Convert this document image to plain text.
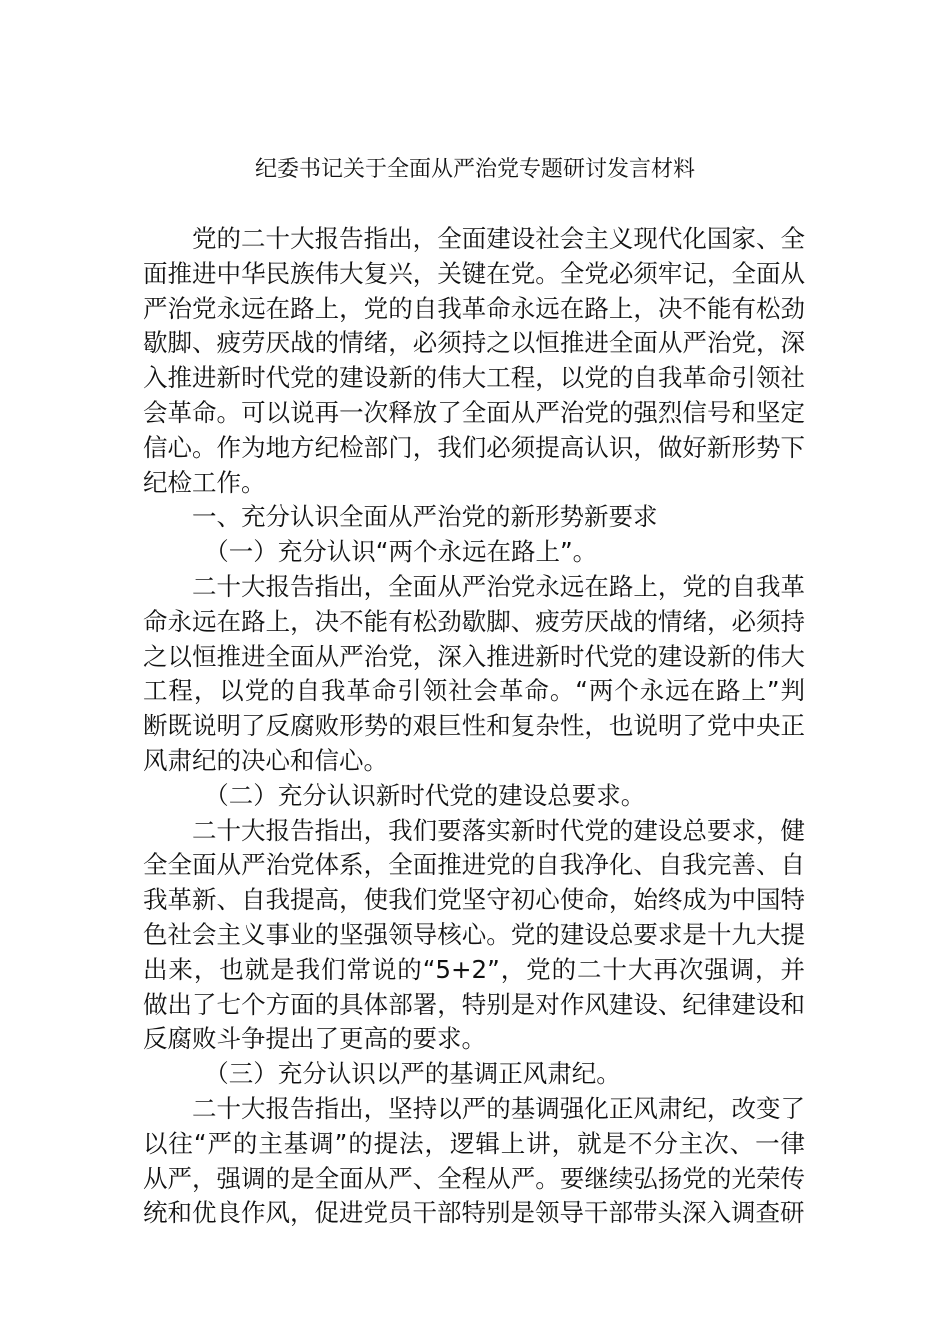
纪委书记关于全面从严治党专题研讨发言材料

党的二十大报告指出，全面建设社会主义现代化国家、全面推进中华民族伟大复兴，关键在党。全党必须牢记，全面从严治党永远在路上，党的自我革命永远在路上，决不能有松劲歇脚、疲劳厌战的情绪，必须持之以恒推进全面从严治党，深入推进新时代党的建设新的伟大工程，以党的自我革命引领社会革命。可以说再一次释放了全面从严治党的强烈信号和坚定信心。作为地方纪检部门，我们必须提高认识，做好新形势下纪检工作。

一、充分认识全面从严治党的新形势新要求

（一）充分认识“两个永远在路上”。

二十大报告指出，全面从严治党永远在路上，党的自我革命永远在路上，决不能有松劲歇脚、疲劳厌战的情绪，必须持之以恒推进全面从严治党，深入推进新时代党的建设新的伟大工程，以党的自我革命引领社会革命。“两个永远在路上”判断既说明了反腐败形势的艰巨性和复杂性，也说明了党中央正风肃纪的决心和信心。

（二）充分认识新时代党的建设总要求。

二十大报告指出，我们要落实新时代党的建设总要求，健全全面从严治党体系，全面推进党的自我净化、自我完善、自我革新、自我提高，使我们党坚守初心使命，始终成为中国特色社会主义事业的坚强领导核心。党的建设总要求是十九大提出来，也就是我们常说的“5+2”，党的二十大再次强调，并做出了七个方面的具体部署，特别是对作风建设、纪律建设和反腐败斗争提出了更高的要求。

（三）充分认识以严的基调正风肃纪。

二十大报告指出，坚持以严的基调强化正风肃纪，改变了以往“严的主基调”的提法，逻辑上讲，就是不分主次、一律从严，强调的是全面从严、全程从严。要继续弘扬党的光荣传统和优良作风，促进党员干部特别是领导干部带头深入调查研
